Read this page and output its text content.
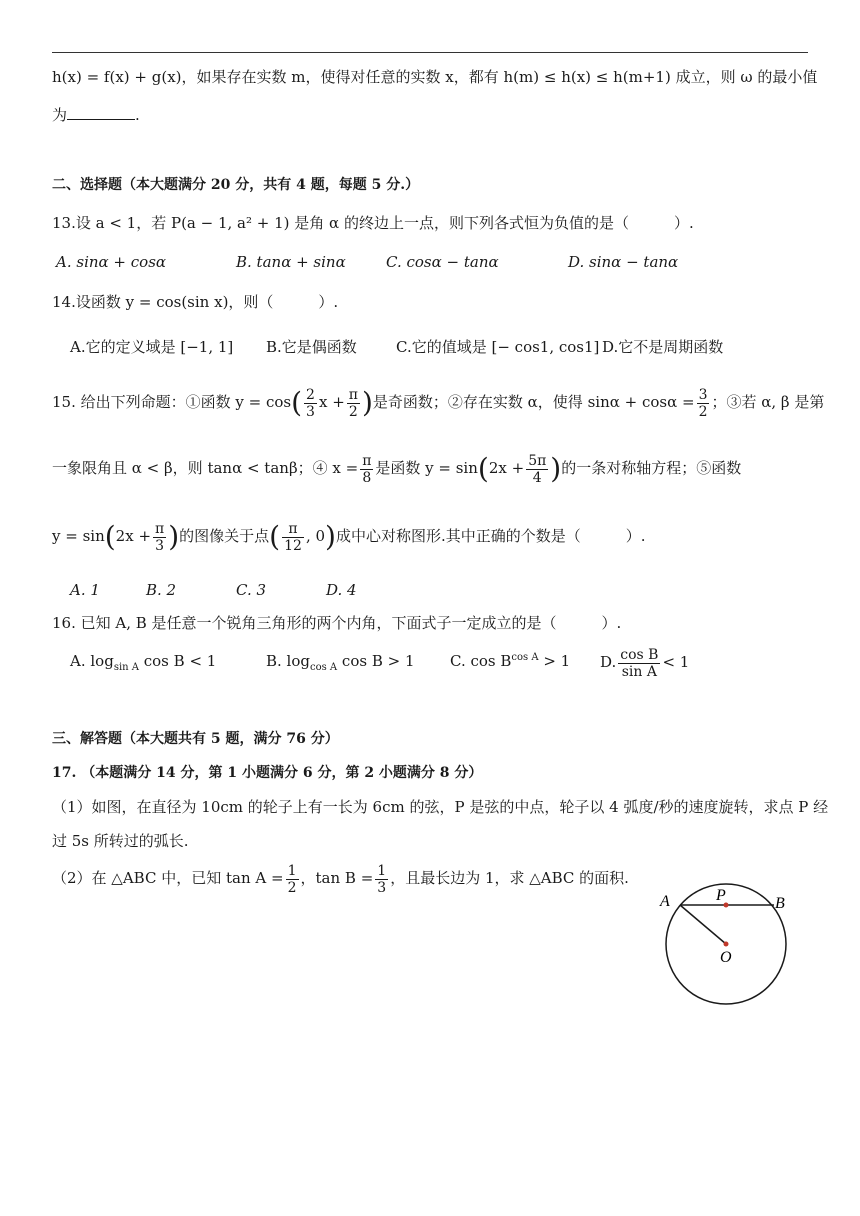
h(x) = f(x) + g(x)，如果存在实数 m，使得对任意的实数 x，都有 h(m) ≤ h(x) ≤ h(m+1) 成立，则 ω 的最小值
为	.
二、选择题（本大题满分 20 分，共有 4 题，每题 5 分.）
13.设 a < 1，若 P(a − 1, a² + 1) 是角 α 的终边上一点，则下列各式恒为负值的是（　　　）.
A. sinα + cosα	B. tanα + sinα	C. cosα − tanα	D. sinα − tanα
14.设函数 y = cos(sin x)，则（　　　）.
A.它的定义域是 [−1, 1] B.它是偶函数	C.它的值域是 [− cos1, cos1] D.它不是周期函数
15. 给出下列命题：①函数 $y = \cos( \frac{2}{3}$ $x + \frac{\pi}{2}$ )是奇函数；②存在实数 α，使得 $\sin\alpha + \cos\alpha = \frac{3}{2}$ ；③若 α, β 是第
一象限角且 α < β，则 tanα < tanβ；④ $x = \frac{\pi}{8}$ 是函数 $y = \sin(2x + \frac{5\pi}{4}$ )的一条对称轴方程；⑤函数
$y = \sin(2x + \frac{\pi}{3}$ )的图像关于点( $\frac{\pi}{12}$ , 0)成中心对称图形.其中正确的个数是（　　　）.
A. 1	B. 2	C. 3	D. 4
16. 已知 A, B 是任意一个锐角三角形的两个内角，下面式子一定成立的是（　　　）.
A. $\log_{sin A} \cos B < 1$	B. $\log_{cos A} \cos B > 1$ C. $\cos B^{cos A} > 1$ D. $\frac{\text{cos B}}{\text{sin A}} < 1$
三、解答题（本大题共有 5 题，满分 76 分）
17. （本题满分 14 分，第 1 小题满分 6 分，第 2 小题满分 8 分）
（1）如图，在直径为 10cm 的轮子上有一长为 6cm 的弦，P 是弦的中点，轮子以 4 弧度/秒的速度旋转，求点 P 经
过 5s 所转过的弧长.
（2）在 △ABC 中，已知 $\tan A = \frac{1}{2}$ ，$\tan B = \frac{1}{3}$ ，且最长边为 1，求 △ABC 的面积.
A	P	B
O
